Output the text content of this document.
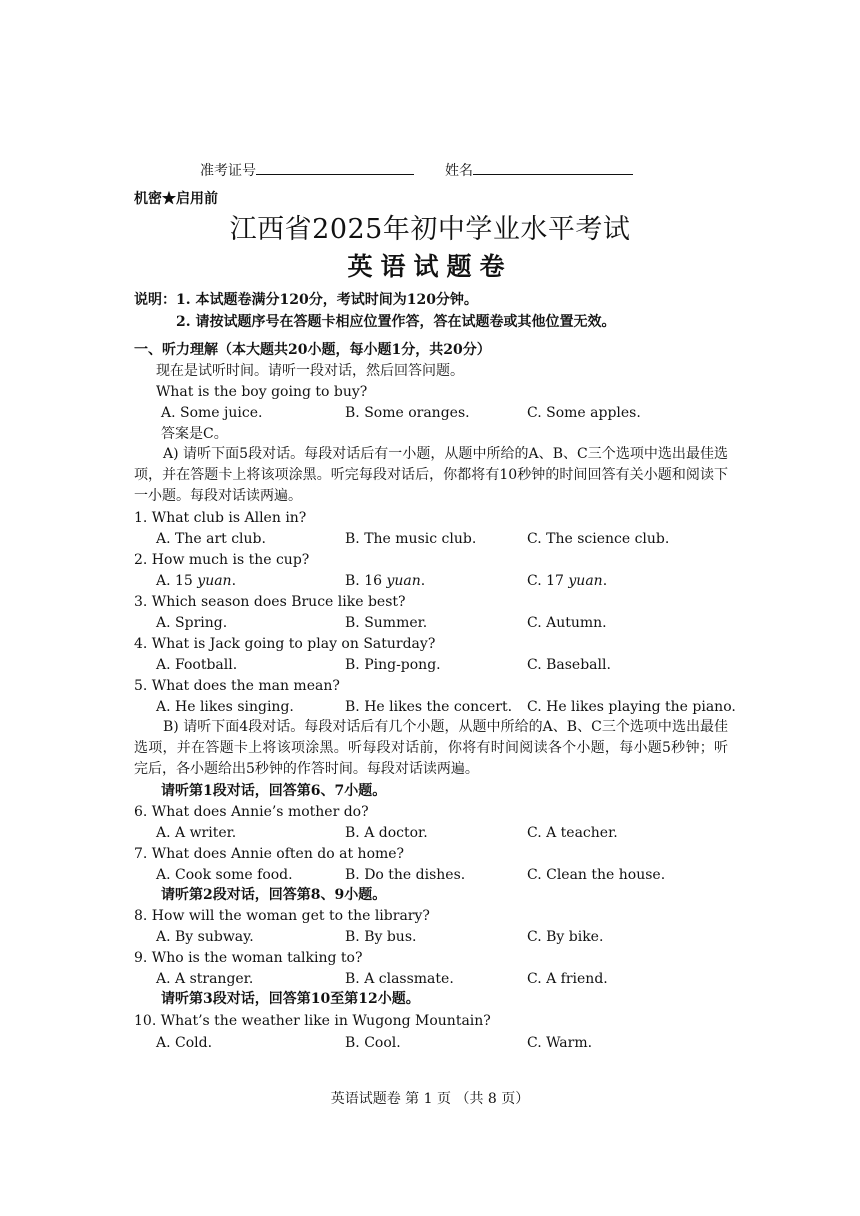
准考证号	姓名
机密★启用前
江西省2025年初中学业水平考试
英语试题卷
说明：1. 本试题卷满分120分，考试时间为120分钟。
2. 请按试题序号在答题卡相应位置作答，答在试题卷或其他位置无效。
一、听力理解（本大题共20小题，每小题1分，共20分）
现在是试听时间。请听一段对话，然后回答问题。
What is the boy going to buy?
A. Some juice.	B. Some oranges.	C. Some apples.
答案是C。
A) 请听下面5段对话。每段对话后有一小题，从题中所给的A、B、C三个选项中选出最佳选项，并在答题卡上将该项涂黑。听完每段对话后，你都将有10秒钟的时间回答有关小题和阅读下一小题。每段对话读两遍。
1. What club is Allen in?
A. The art club.	B. The music club.	C. The science club.
2. How much is the cup?
A. 15 yuan.	B. 16 yuan.	C. 17 yuan.
3. Which season does Bruce like best?
A. Spring.	B. Summer.	C. Autumn.
4. What is Jack going to play on Saturday?
A. Football.	B. Ping-pong.	C. Baseball.
5. What does the man mean?
A. He likes singing.	B. He likes the concert. C. He likes playing the piano.
B) 请听下面4段对话。每段对话后有几个小题，从题中所给的A、B、C三个选项中选出最佳选项，并在答题卡上将该项涂黑。听每段对话前，你将有时间阅读各个小题，每小题5秒钟；听完后，各小题给出5秒钟的作答时间。每段对话读两遍。
请听第1段对话，回答第6、7小题。
6. What does Annie’s mother do?
A. A writer.	B. A doctor.	C. A teacher.
7. What does Annie often do at home?
A. Cook some food.	B. Do the dishes.	C. Clean the house.
请听第2段对话，回答第8、9小题。
8. How will the woman get to the library?
A. By subway.	B. By bus.	C. By bike.
9. Who is the woman talking to?
A. A stranger.	B. A classmate.	C. A friend.
请听第3段对话，回答第10至第12小题。
10. What’s the weather like in Wugong Mountain?
A. Cold.	B. Cool.	C. Warm.
英语试题卷 第 1 页 （共 8 页）
